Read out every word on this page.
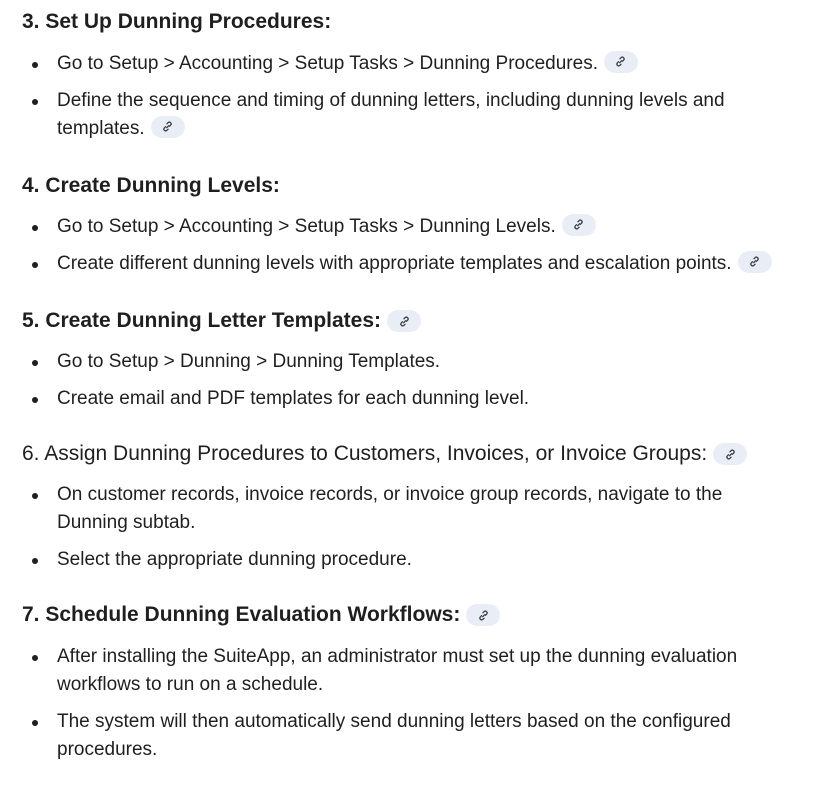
3. Set Up Dunning Procedures:
Go to Setup > Accounting > Setup Tasks > Dunning Procedures.
Define the sequence and timing of dunning letters, including dunning levels and templates.
4. Create Dunning Levels:
Go to Setup > Accounting > Setup Tasks > Dunning Levels.
Create different dunning levels with appropriate templates and escalation points.
5. Create Dunning Letter Templates:
Go to Setup > Dunning > Dunning Templates.
Create email and PDF templates for each dunning level.
6. Assign Dunning Procedures to Customers, Invoices, or Invoice Groups:
On customer records, invoice records, or invoice group records, navigate to the Dunning subtab.
Select the appropriate dunning procedure.
7. Schedule Dunning Evaluation Workflows:
After installing the SuiteApp, an administrator must set up the dunning evaluation workflows to run on a schedule.
The system will then automatically send dunning letters based on the configured procedures.
